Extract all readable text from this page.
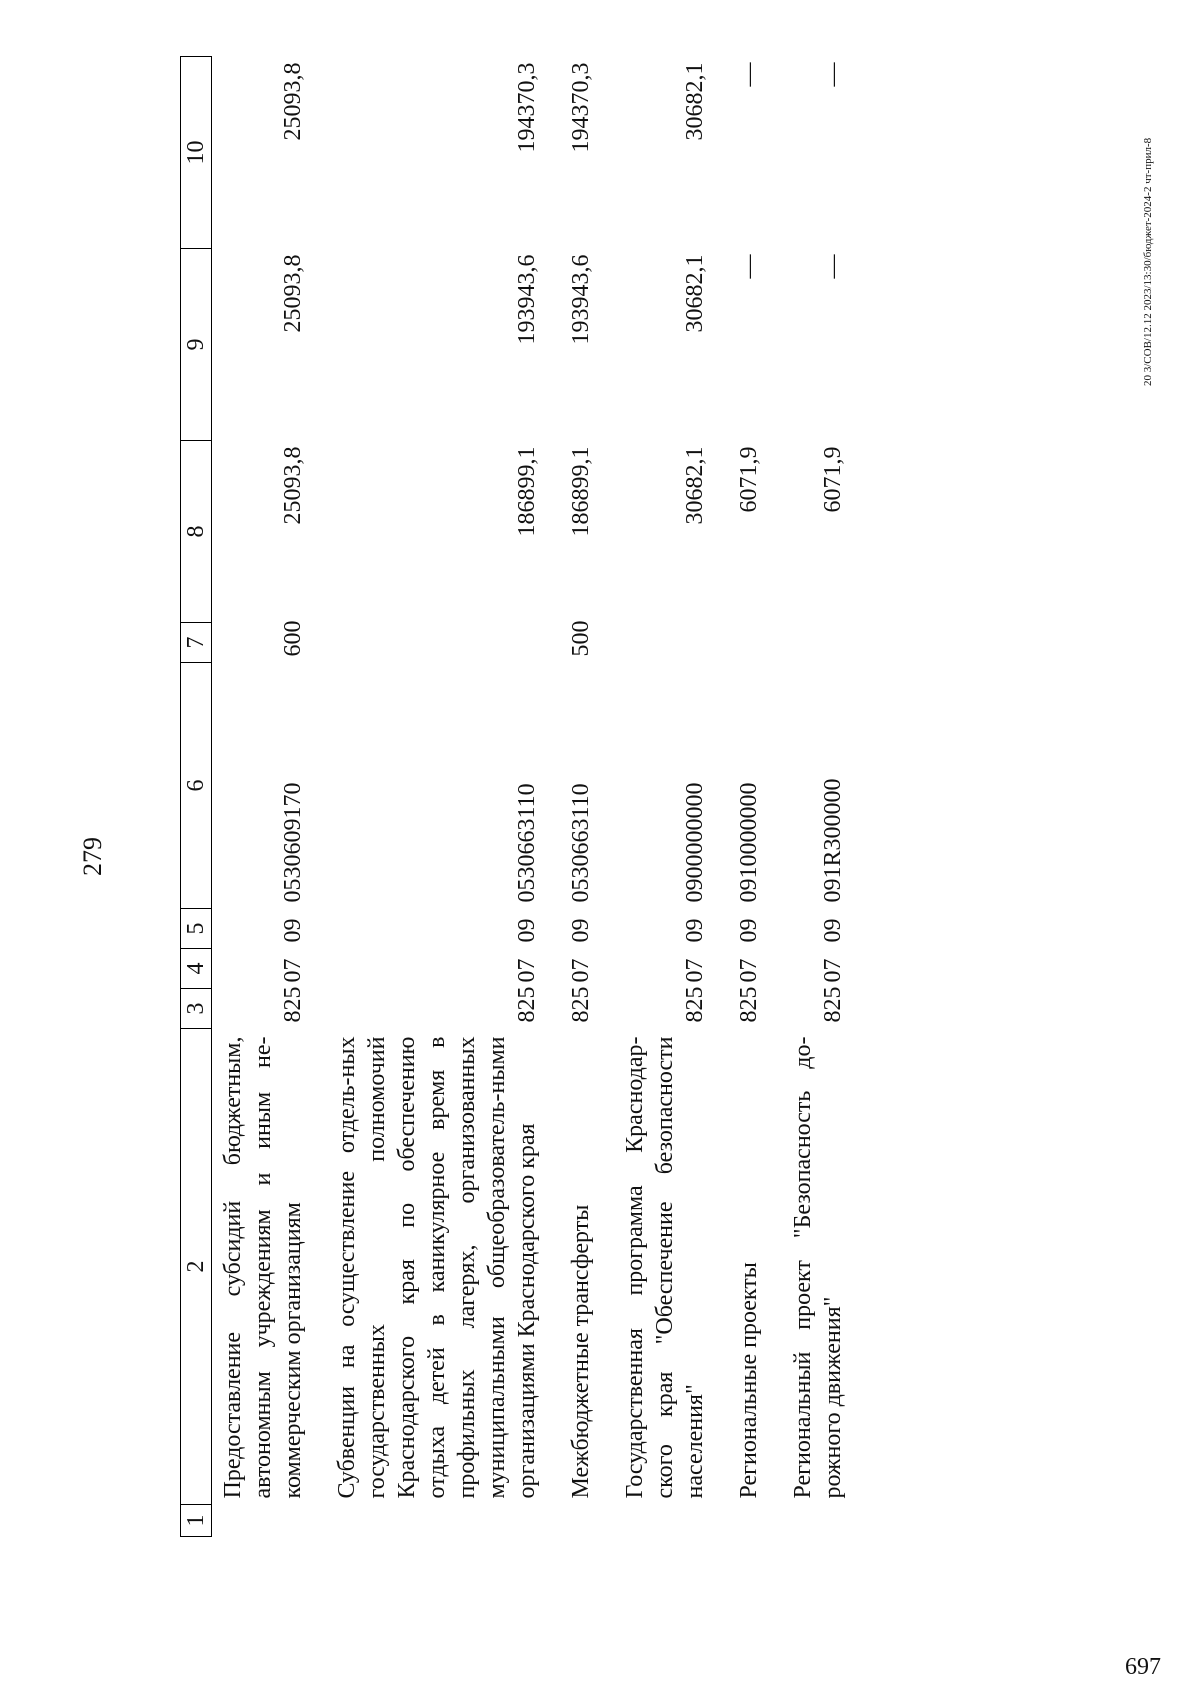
279
1	2	3	4	5	6	7	8	9	10
	Предоставление субсидий бюджетным, автономным учреждениям и иным не-коммерческим организациям	825	07	09	0530609170	600	25093,8	25093,8	25093,8
	Субвенции на осуществление отдель-ных государственных полномочий Краснодарского края по обеспечению отдыха детей в каникулярное время в профильных лагерях, организованных муниципальными общеобразователь-ными организациями Краснодарского края	825	07	09	0530663110		186899,1	193943,6	194370,3
	Межбюджетные трансферты	825	07	09	0530663110	500	186899,1	193943,6	194370,3
	Государственная программа Краснодар-ского края "Обеспечение безопасности населения"	825	07	09	0900000000		30682,1	30682,1	30682,1
	Региональные проекты	825	07	09	0910000000		6071,9	—	—
	Региональный проект "Безопасность до-рожного движения"	825	07	09	091R300000		6071,9	—	—
20 3/СОВ/12.12 2023/13:30/бюджет-2024-2 чт-прил-8
697
